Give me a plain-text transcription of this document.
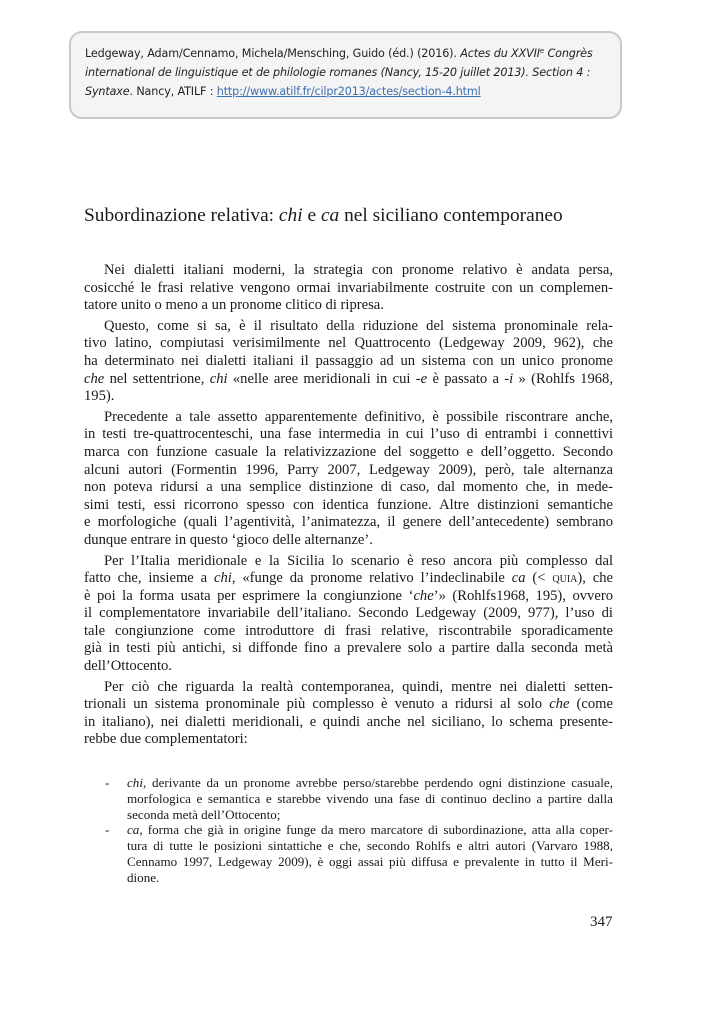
Ledgeway, Adam/Cennamo, Michela/Mensching, Guido (éd.) (2016). Actes du XXVIIe Congrès
international de linguistique et de philologie romanes (Nancy, 15-20 juillet 2013). Section 4 :
Syntaxe. Nancy, ATILF : http://www.atilf.fr/cilpr2013/actes/section-4.html
Subordinazione relativa: chi e ca nel siciliano contemporaneo
Nei dialetti italiani moderni, la strategia con pronome relativo è andata persa,
cosicché le frasi relative vengono ormai invariabilmente costruite con un complemen-
tatore unito o meno a un pronome clitico di ripresa.
Questo, come si sa, è il risultato della riduzione del sistema pronominale rela-
tivo latino, compiutasi verisimilmente nel Quattrocento (Ledgeway 2009, 962), che
ha determinato nei dialetti italiani il passaggio ad un sistema con un unico pronome
che nel settentrione, chi «nelle aree meridionali in cui -e è passato a -i » (Rohlfs 1968,
195).
Precedente a tale assetto apparentemente definitivo, è possibile riscontrare anche,
in testi tre-quattrocenteschi, una fase intermedia in cui l’uso di entrambi i connettivi
marca con funzione casuale la relativizzazione del soggetto e dell’oggetto. Secondo
alcuni autori (Formentin 1996, Parry 2007, Ledgeway 2009), però, tale alternanza
non poteva ridursi a una semplice distinzione di caso, dal momento che, in mede-
simi testi, essi ricorrono spesso con identica funzione. Altre distinzioni semantiche
e morfologiche (quali l’agentività, l’animatezza, il genere dell’antecedente) sembrano
dunque entrare in questo ‘gioco delle alternanze’.
Per l’Italia meridionale e la Sicilia lo scenario è reso ancora più complesso dal
fatto che, insieme a chi, «funge da pronome relativo l’indeclinabile ca (< quia), che
è poi la forma usata per esprimere la congiunzione ‘che’» (Rohlfs1968, 195), ovvero
il complementatore invariabile dell’italiano. Secondo Ledgeway (2009, 977), l’uso di
tale congiunzione come introduttore di frasi relative, riscontrabile sporadicamente
già in testi più antichi, si diffonde fino a prevalere solo a partire dalla seconda metà
dell’Ottocento.
Per ciò che riguarda la realtà contemporanea, quindi, mentre nei dialetti setten-
trionali un sistema pronominale più complesso è venuto a ridursi al solo che (come
in italiano), nei dialetti meridionali, e quindi anche nel siciliano, lo schema presente-
rebbe due complementatori:
- chi, derivante da un pronome avrebbe perso/starebbe perdendo ogni distinzione casuale,
morfologica e semantica e starebbe vivendo una fase di continuo declino a partire dalla
seconda metà dell’Ottocento;
- ca, forma che già in origine funge da mero marcatore di subordinazione, atta alla coper-
tura di tutte le posizioni sintattiche e che, secondo Rohlfs e altri autori (Varvaro 1988,
Cennamo 1997, Ledgeway 2009), è oggi assai più diffusa e prevalente in tutto il Meri-
dione.
347
